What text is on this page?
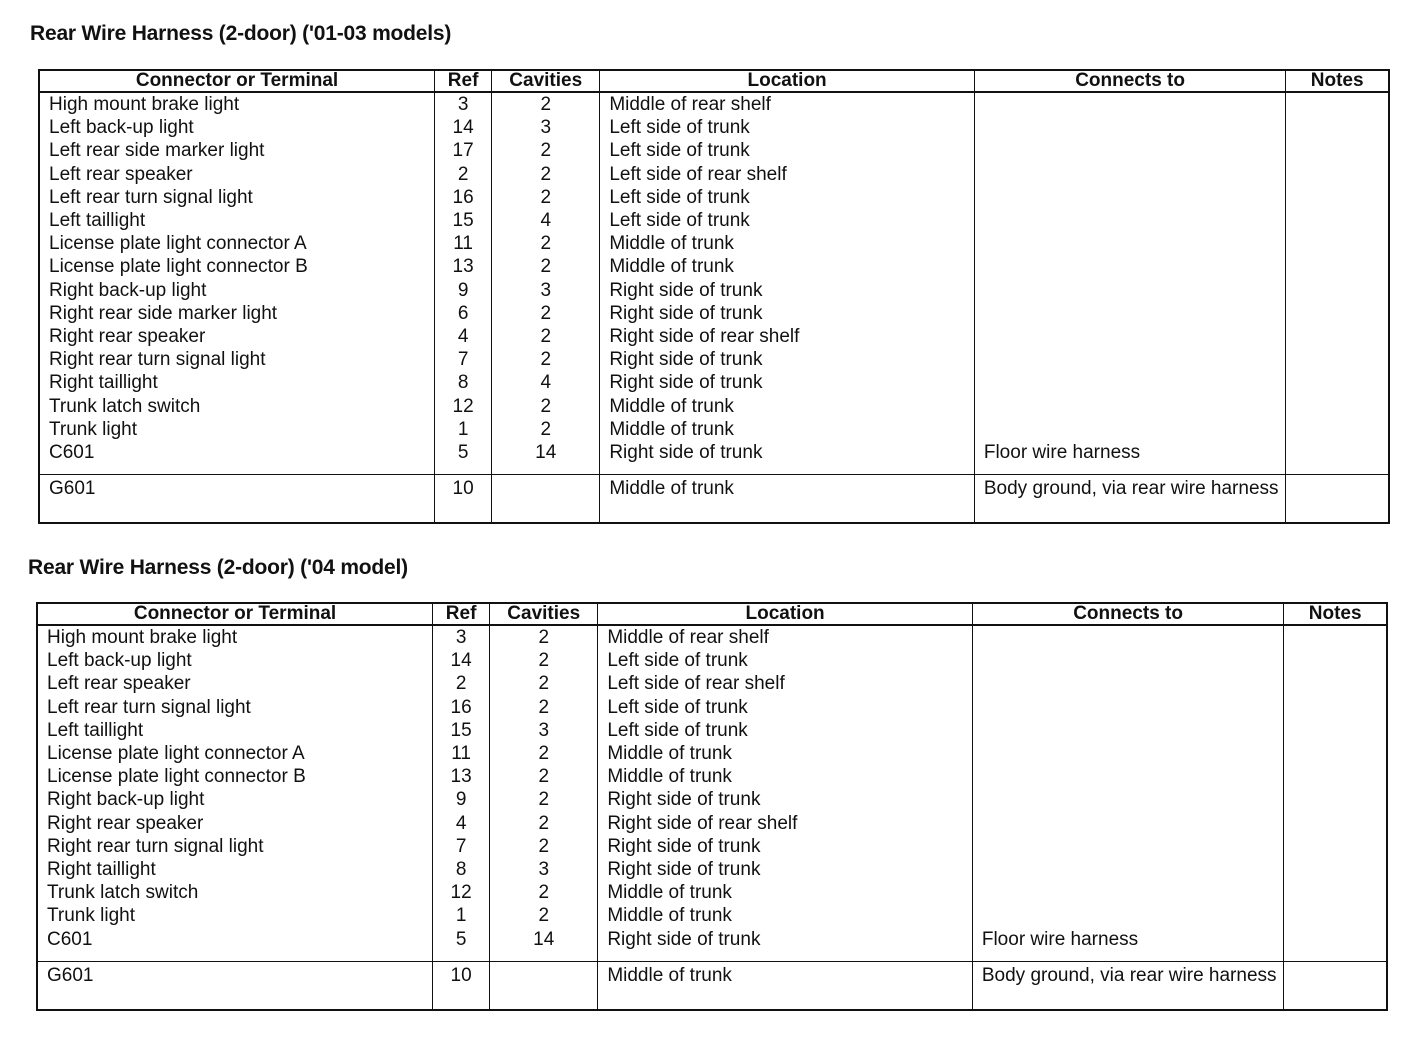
Rear Wire Harness (2-door) ('01-03 models)
Connector or Terminal	Ref	Cavities	Location	Connects to	Notes
High mount brake light	3	2	Middle of rear shelf		
Left back-up light	14	3	Left side of trunk		
Left rear side marker light	17	2	Left side of trunk		
Left rear speaker	2	2	Left side of rear shelf		
Left rear turn signal light	16	2	Left side of trunk		
Left taillight	15	4	Left side of trunk		
License plate light connector A	11	2	Middle of trunk		
License plate light connector B	13	2	Middle of trunk		
Right back-up light	9	3	Right side of trunk		
Right rear side marker light	6	2	Right side of trunk		
Right rear speaker	4	2	Right side of rear shelf		
Right rear turn signal light	7	2	Right side of trunk		
Right taillight	8	4	Right side of trunk		
Trunk latch switch	12	2	Middle of trunk		
Trunk light	1	2	Middle of trunk		
C601	5	14	Right side of trunk	Floor wire harness	
G601	10		Middle of trunk	Body ground, via rear wire harness	
Rear Wire Harness (2-door) ('04 model)
Connector or Terminal	Ref	Cavities	Location	Connects to	Notes
High mount brake light	3	2	Middle of rear shelf		
Left back-up light	14	2	Left side of trunk		
Left rear speaker	2	2	Left side of rear shelf		
Left rear turn signal light	16	2	Left side of trunk		
Left taillight	15	3	Left side of trunk		
License plate light connector A	11	2	Middle of trunk		
License plate light connector B	13	2	Middle of trunk		
Right back-up light	9	2	Right side of trunk		
Right rear speaker	4	2	Right side of rear shelf		
Right rear turn signal light	7	2	Right side of trunk		
Right taillight	8	3	Right side of trunk		
Trunk latch switch	12	2	Middle of trunk		
Trunk light	1	2	Middle of trunk		
C601	5	14	Right side of trunk	Floor wire harness	
G601	10		Middle of trunk	Body ground, via rear wire harness	
